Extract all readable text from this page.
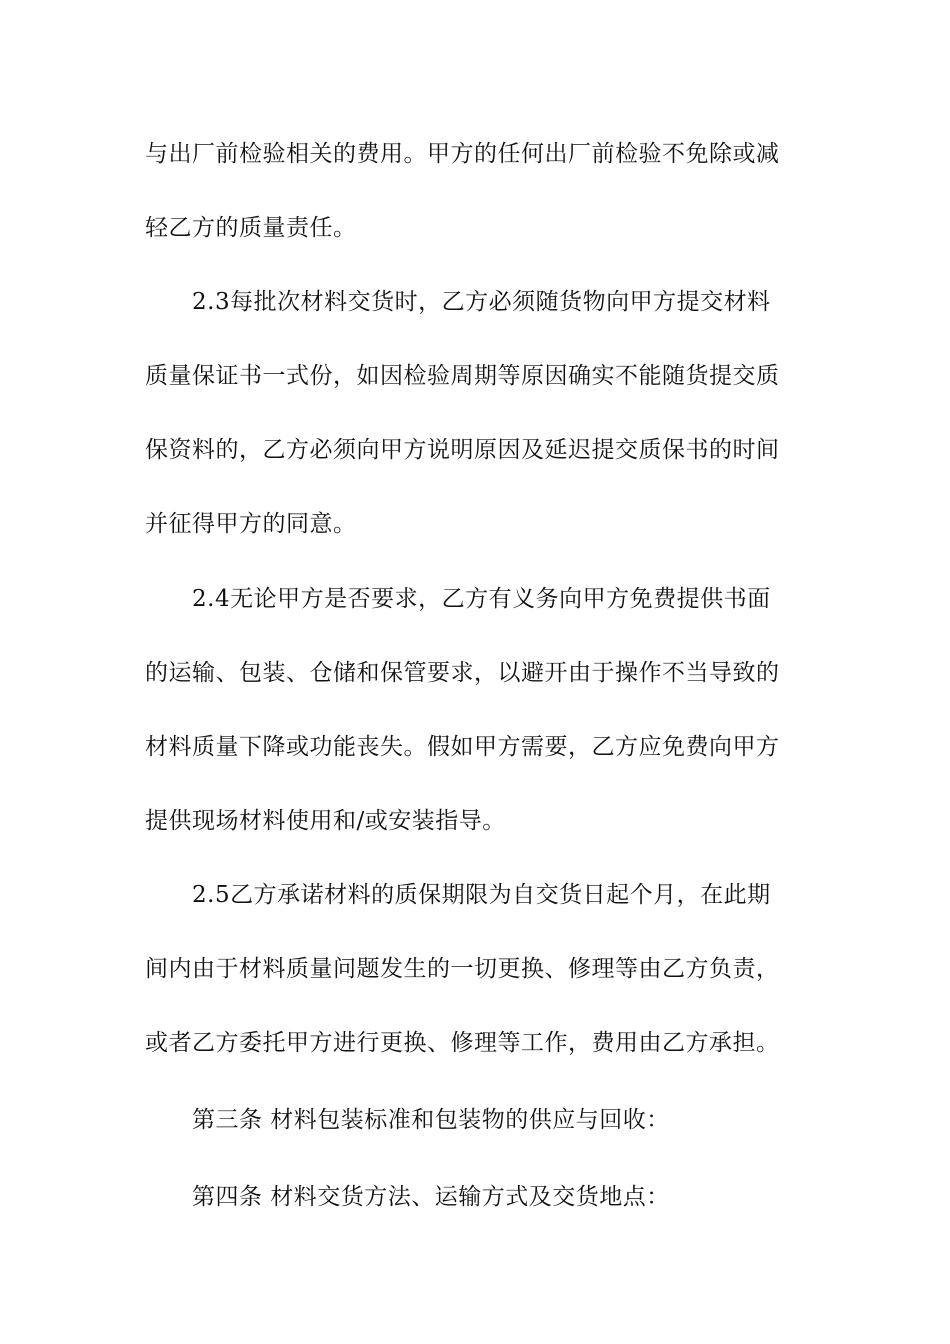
与出厂前检验相关的费用。甲方的任何出厂前检验不免除或减
轻乙方的质量责任。
2.3每批次材料交货时，乙方必须随货物向甲方提交材料
质量保证书一式份，如因检验周期等原因确实不能随货提交质
保资料的，乙方必须向甲方说明原因及延迟提交质保书的时间
并征得甲方的同意。
2.4无论甲方是否要求，乙方有义务向甲方免费提供书面
的运输、包装、仓储和保管要求，以避开由于操作不当导致的
材料质量下降或功能丧失。假如甲方需要，乙方应免费向甲方
提供现场材料使用和/或安装指导。
2.5乙方承诺材料的质保期限为自交货日起个月，在此期
间内由于材料质量问题发生的一切更换、修理等由乙方负责，
或者乙方委托甲方进行更换、修理等工作，费用由乙方承担。
第三条 材料包装标准和包装物的供应与回收：
第四条 材料交货方法、运输方式及交货地点：
